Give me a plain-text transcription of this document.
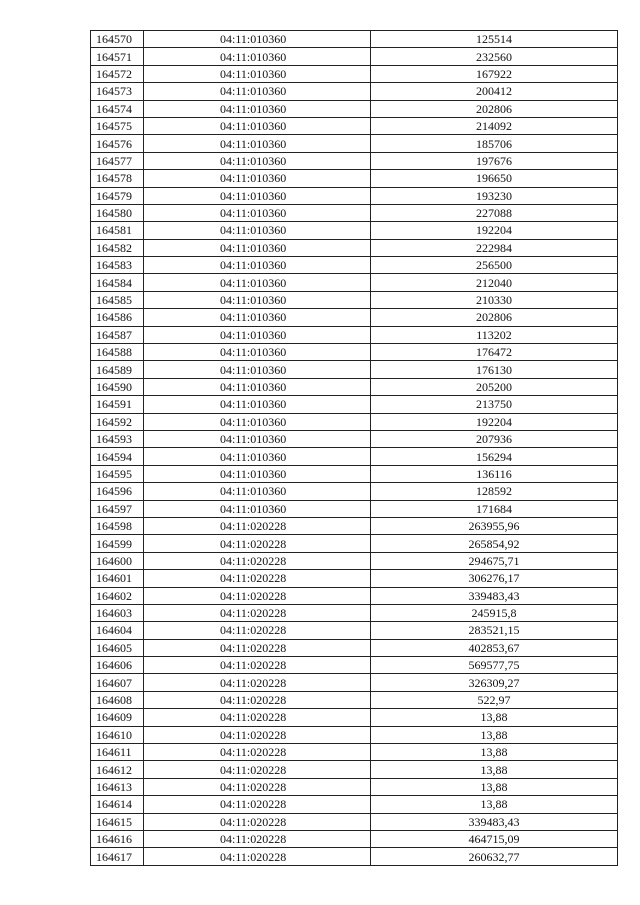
164570	04:11:010360	125514
164571	04:11:010360	232560
164572	04:11:010360	167922
164573	04:11:010360	200412
164574	04:11:010360	202806
164575	04:11:010360	214092
164576	04:11:010360	185706
164577	04:11:010360	197676
164578	04:11:010360	196650
164579	04:11:010360	193230
164580	04:11:010360	227088
164581	04:11:010360	192204
164582	04:11:010360	222984
164583	04:11:010360	256500
164584	04:11:010360	212040
164585	04:11:010360	210330
164586	04:11:010360	202806
164587	04:11:010360	113202
164588	04:11:010360	176472
164589	04:11:010360	176130
164590	04:11:010360	205200
164591	04:11:010360	213750
164592	04:11:010360	192204
164593	04:11:010360	207936
164594	04:11:010360	156294
164595	04:11:010360	136116
164596	04:11:010360	128592
164597	04:11:010360	171684
164598	04:11:020228	263955,96
164599	04:11:020228	265854,92
164600	04:11:020228	294675,71
164601	04:11:020228	306276,17
164602	04:11:020228	339483,43
164603	04:11:020228	245915,8
164604	04:11:020228	283521,15
164605	04:11:020228	402853,67
164606	04:11:020228	569577,75
164607	04:11:020228	326309,27
164608	04:11:020228	522,97
164609	04:11:020228	13,88
164610	04:11:020228	13,88
164611	04:11:020228	13,88
164612	04:11:020228	13,88
164613	04:11:020228	13,88
164614	04:11:020228	13,88
164615	04:11:020228	339483,43
164616	04:11:020228	464715,09
164617	04:11:020228	260632,77
